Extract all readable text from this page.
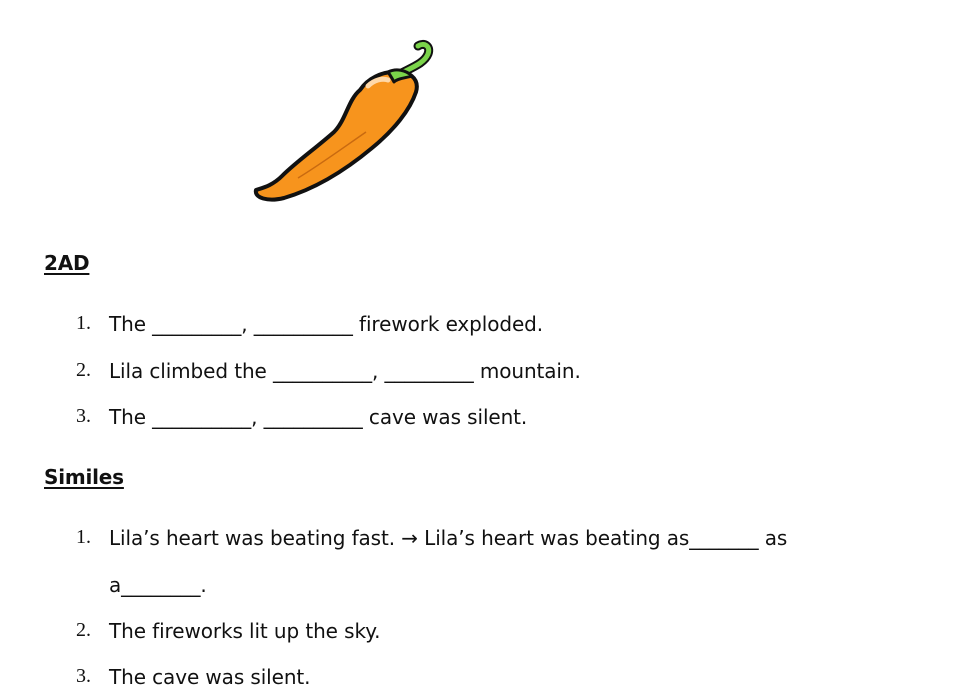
2AD
1. The _________, __________ firework exploded.
2. Lila climbed the __________, _________ mountain.
3. The __________, __________ cave was silent.
Similes
1. Lila’s heart was beating fast. → Lila’s heart was beating as_______ as
a________.
2. The fireworks lit up the sky.
3. The cave was silent.
